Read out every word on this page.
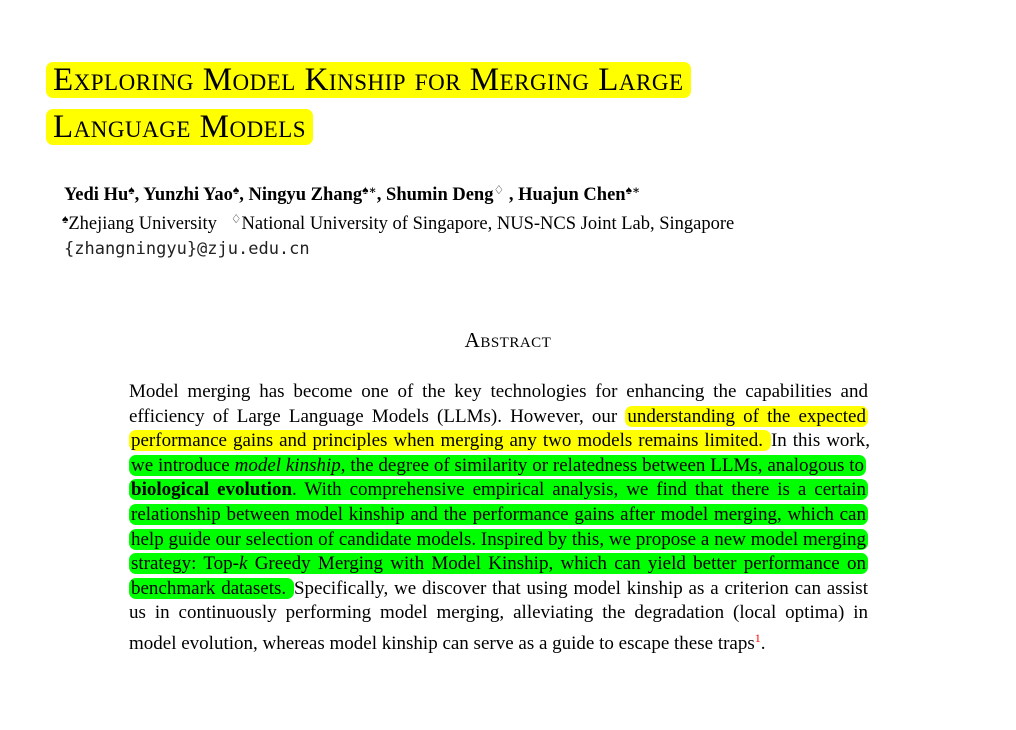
Exploring Model Kinship for Merging Large
Language Models
Yedi Hu♠, Yunzhi Yao♠, Ningyu Zhang♠∗, Shumin Deng♢ , Huajun Chen♠∗
♠Zhejiang University ♢National University of Singapore, NUS-NCS Joint Lab, Singapore
{zhangningyu}@zju.edu.cn
Abstract
Model merging has become one of the key technologies for enhancing the capabilities and efficiency of Large Language Models (LLMs). However, our understanding of the expected performance gains and principles when merging any two models remains limited. In this work, we introduce model kinship, the degree of similarity or relatedness between LLMs, analogous to biological evolution. With comprehensive empirical analysis, we find that there is a certain relationship between model kinship and the performance gains after model merging, which can help guide our selection of candidate models. Inspired by this, we propose a new model merging strategy: Top-k Greedy Merging with Model Kinship, which can yield better performance on benchmark datasets. Specifically, we discover that using model kinship as a criterion can assist us in continuously performing model merging, alleviating the degradation (local optima) in model evolution, whereas model kinship can serve as a guide to escape these traps$^1$.
